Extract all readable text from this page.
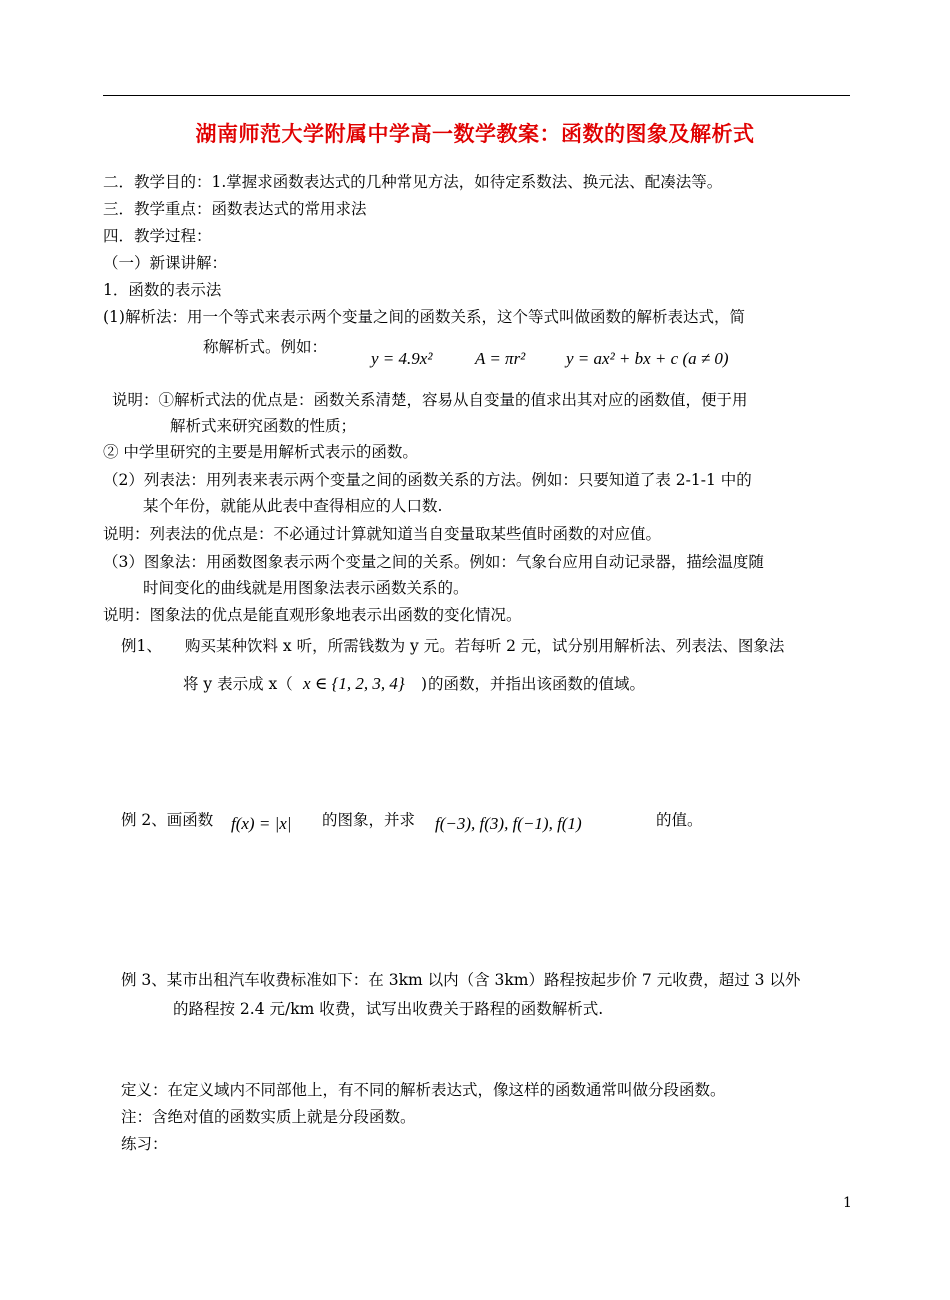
湖南师范大学附属中学高一数学教案：函数的图象及解析式
二．教学目的：1.掌握求函数表达式的几种常见方法，如待定系数法、换元法、配凑法等。
三．教学重点：函数表达式的常用求法
四．教学过程：
（一）新课讲解：
1．函数的表示法
(1)解析法：用一个等式来表示两个变量之间的函数关系，这个等式叫做函数的解析表达式，简
称解析式。例如：
y = 4.9x²	A = πr² y = ax² + bx + c (a ≠ 0)
说明：①解析式法的优点是：函数关系清楚，容易从自变量的值求出其对应的函数值，便于用
解析式来研究函数的性质；
② 中学里研究的主要是用解析式表示的函数。
（2）列表法：用列表来表示两个变量之间的函数关系的方法。例如：只要知道了表 2-1-1 中的
某个年份，就能从此表中查得相应的人口数.
说明：列表法的优点是：不必通过计算就知道当自变量取某些值时函数的对应值。
（3）图象法：用函数图象表示两个变量之间的关系。例如：气象台应用自动记录器，描绘温度随
时间变化的曲线就是用图象法表示函数关系的。
说明：图象法的优点是能直观形象地表示出函数的变化情况。
例1、 购买某种饮料 x 听，所需钱数为 y 元。若每听 2 元，试分别用解析法、列表法、图象法
将 y 表示成 x（ x ∈ {1, 2, 3, 4} ) 的函数，并指出该函数的值域。
例 2、画函数 f(x) = |x| 的图象，并求 f(−3), f(3), f(−1), f(1)	的值。
例 3、某市出租汽车收费标准如下：在 3km 以内（含 3km）路程按起步价 7 元收费，超过 3 以外
的路程按 2.4 元/km 收费，试写出收费关于路程的函数解析式.
定义：在定义域内不同部他上，有不同的解析表达式，像这样的函数通常叫做分段函数。
注：含绝对值的函数实质上就是分段函数。
练习：
1
